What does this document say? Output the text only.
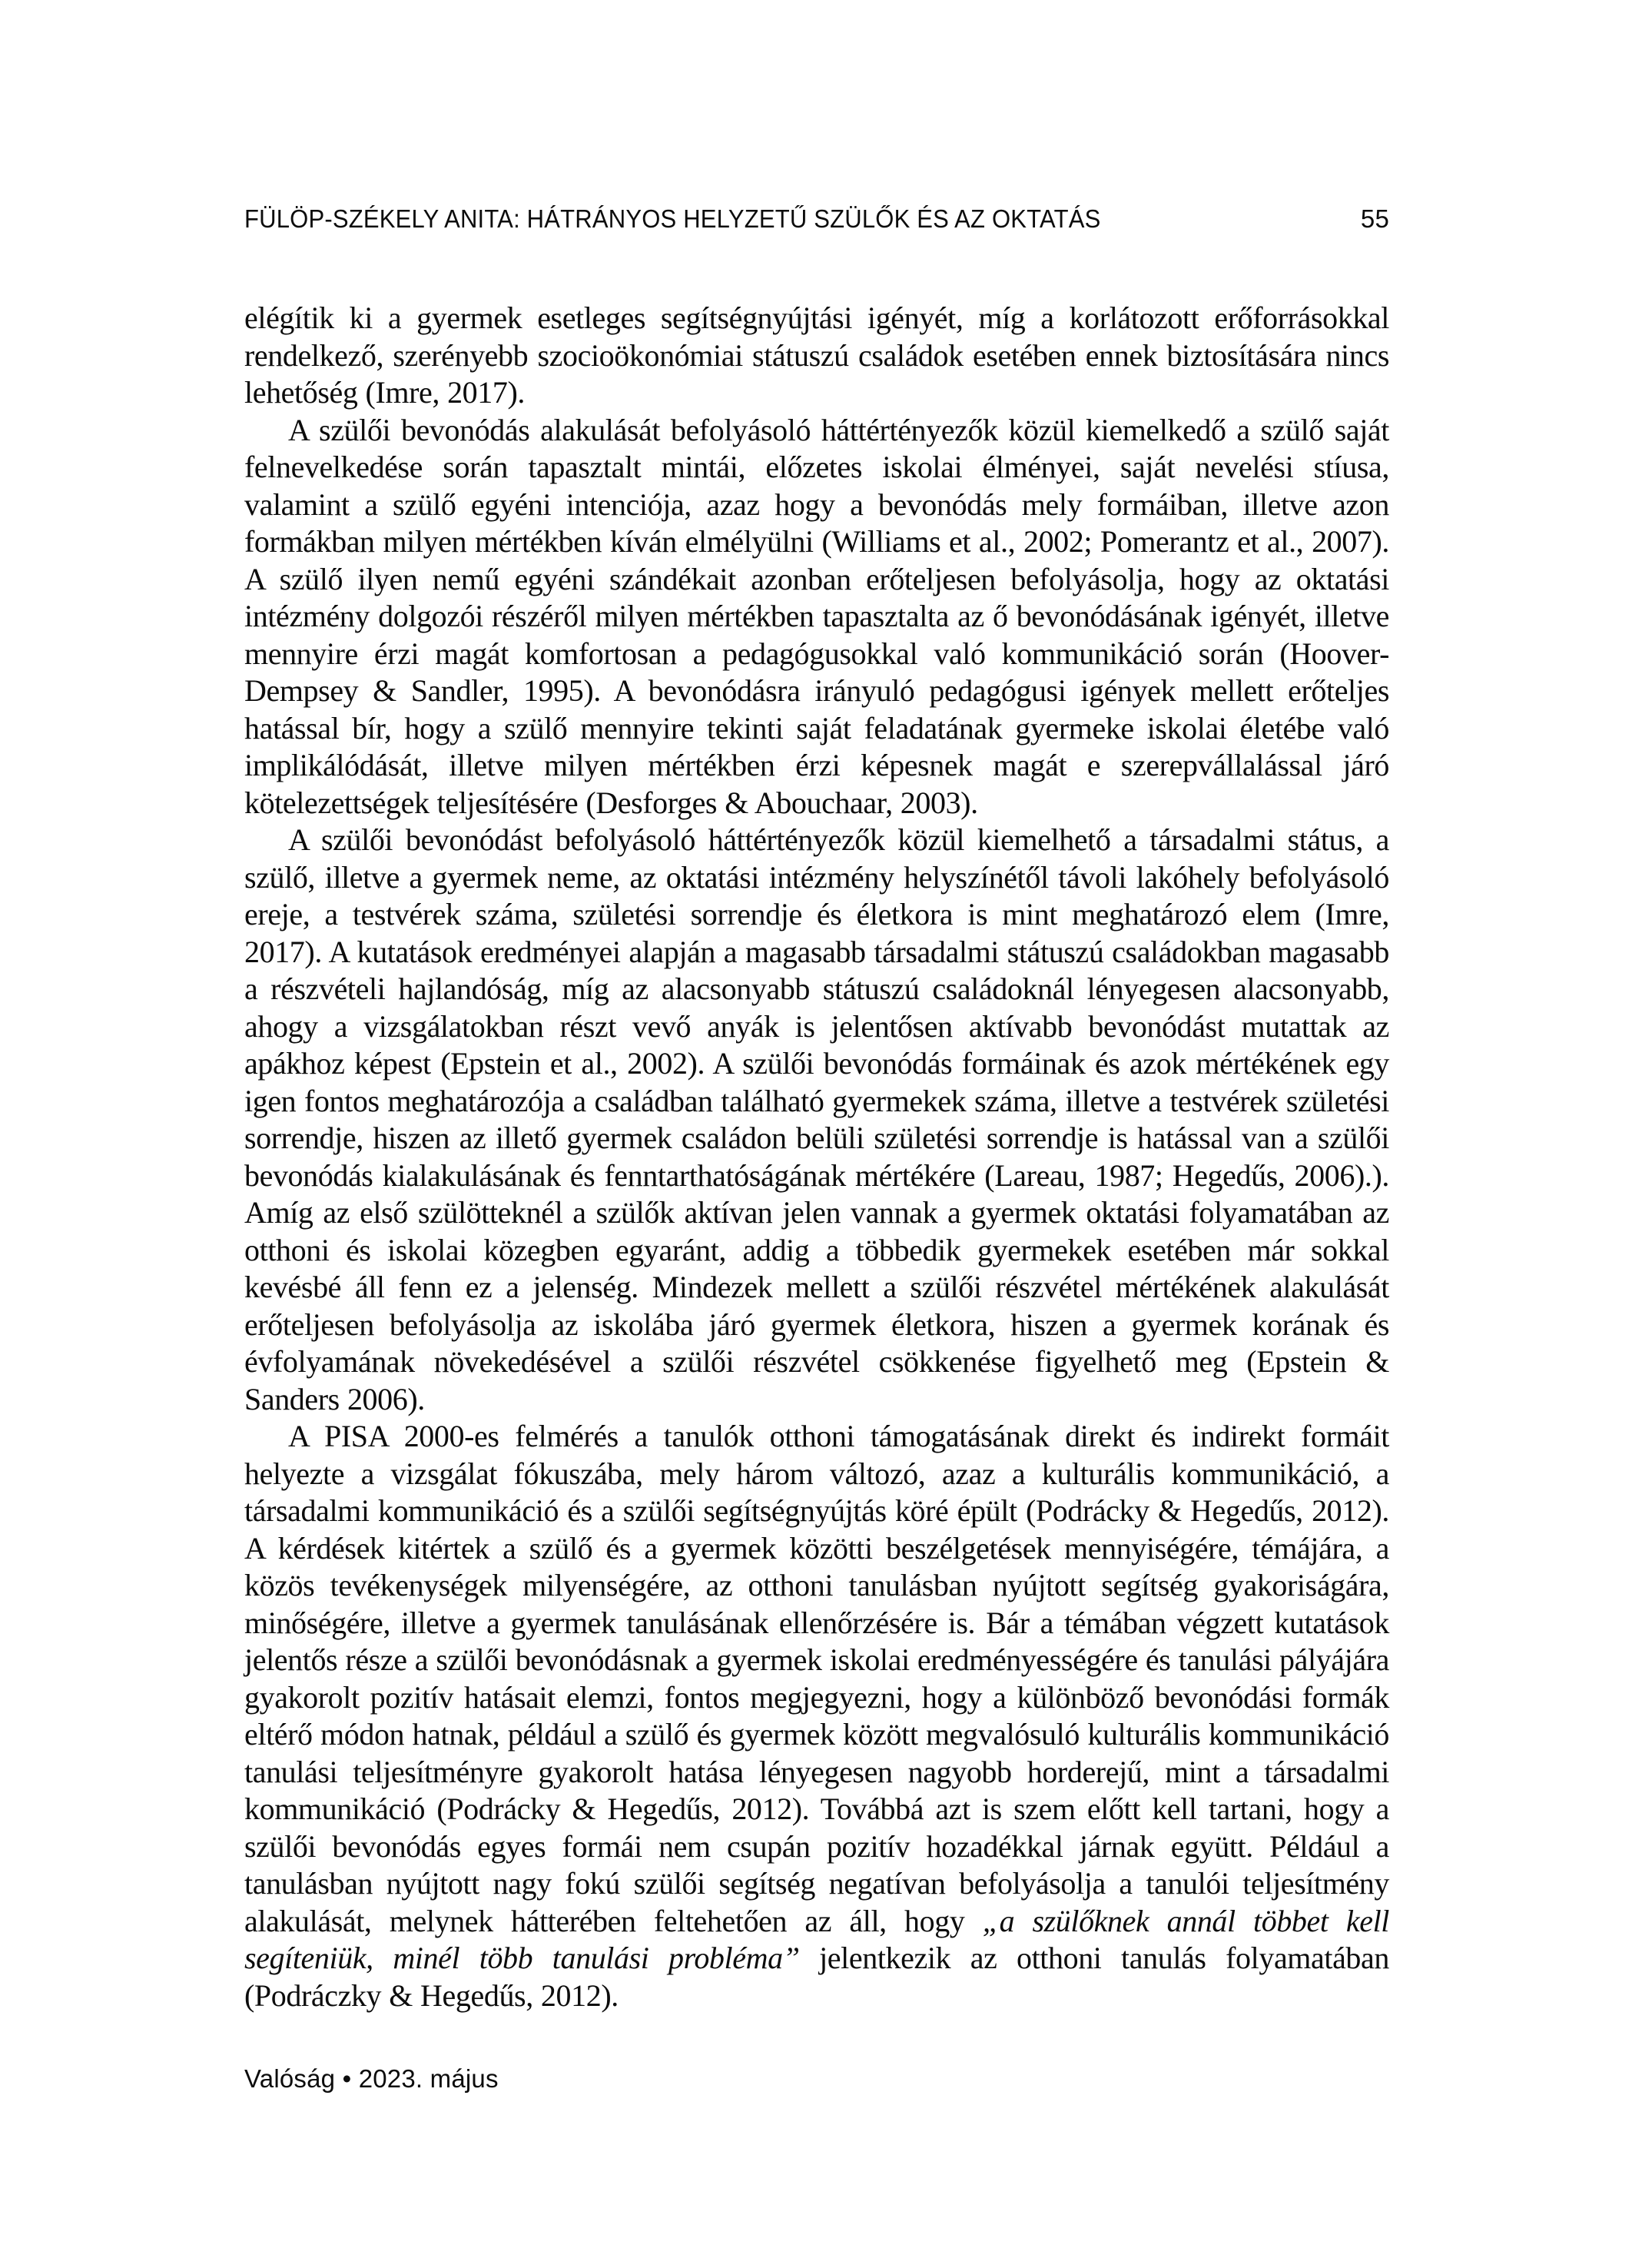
FÜLÖP-SZÉKELY ANITA: HÁTRÁNYOS HELYZETŰ SZÜLŐK ÉS AZ OKTATÁS	55

elégítik ki a gyermek esetleges segítségnyújtási igényét, míg a korlátozott erőforrásokkal rendelkező, szerényebb szocioökonómiai státuszú családok esetében ennek biztosítására nincs lehetőség (Imre, 2017).

A szülői bevonódás alakulását befolyásoló háttértényezők közül kiemelkedő a szülő saját felnevelkedése során tapasztalt mintái, előzetes iskolai élményei, saját nevelési stíusa, valamint a szülő egyéni intenciója, azaz hogy a bevonódás mely formáiban, illetve azon formákban milyen mértékben kíván elmélyülni (Williams et al., 2002; Pomerantz et al., 2007). A szülő ilyen nemű egyéni szándékait azonban erőteljesen befolyásolja, hogy az oktatási intézmény dolgozói részéről milyen mértékben tapasztalta az ő bevonódásának igényét, illetve mennyire érzi magát komfortosan a pedagógusokkal való kommunikáció során (Hoover-Dempsey & Sandler, 1995). A bevonódásra irányuló pedagógusi igények mellett erőteljes hatással bír, hogy a szülő mennyire tekinti saját feladatának gyermeke iskolai életébe való implikálódását, illetve milyen mértékben érzi képesnek magát e szerepvállalással járó kötelezettségek teljesítésére (Desforges & Abouchaar, 2003).

A szülői bevonódást befolyásoló háttértényezők közül kiemelhető a társadalmi státus, a szülő, illetve a gyermek neme, az oktatási intézmény helyszínétől távoli lakóhely befolyásoló ereje, a testvérek száma, születési sorrendje és életkora is mint meghatározó elem (Imre, 2017). A kutatások eredményei alapján a magasabb társadalmi státuszú családokban magasabb a részvételi hajlandóság, míg az alacsonyabb státuszú családoknál lényegesen alacsonyabb, ahogy a vizsgálatokban részt vevő anyák is jelentősen aktívabb bevonódást mutattak az apákhoz képest (Epstein et al., 2002). A szülői bevonódás formáinak és azok mértékének egy igen fontos meghatározója a családban található gyermekek száma, illetve a testvérek születési sorrendje, hiszen az illető gyermek családon belüli születési sorrendje is hatással van a szülői bevonódás kialakulásának és fenntarthatóságának mértékére (Lareau, 1987; Hegedűs, 2006).). Amíg az első szülötteknél a szülők aktívan jelen vannak a gyermek oktatási folyamatában az otthoni és iskolai közegben egyaránt, addig a többedik gyermekek esetében már sokkal kevésbé áll fenn ez a jelenség. Mindezek mellett a szülői részvétel mértékének alakulását erőteljesen befolyásolja az iskolába járó gyermek életkora, hiszen a gyermek korának és évfolyamának növekedésével a szülői részvétel csökkenése figyelhető meg (Epstein & Sanders 2006).

A PISA 2000-es felmérés a tanulók otthoni támogatásának direkt és indirekt formáit helyezte a vizsgálat fókuszába, mely három változó, azaz a kulturális kommunikáció, a társadalmi kommunikáció és a szülői segítségnyújtás köré épült (Podrácky & Hegedűs, 2012). A kérdések kitértek a szülő és a gyermek közötti beszélgetések mennyiségére, témájára, a közös tevékenységek milyenségére, az otthoni tanulásban nyújtott segítség gyakoriságára, minőségére, illetve a gyermek tanulásának ellenőrzésére is. Bár a témában végzett kutatások jelentős része a szülői bevonódásnak a gyermek iskolai eredményességére és tanulási pályájára gyakorolt pozitív hatásait elemzi, fontos megjegyezni, hogy a különböző bevonódási formák eltérő módon hatnak, például a szülő és gyermek között megvalósuló kulturális kommunikáció tanulási teljesítményre gyakorolt hatása lényegesen nagyobb horderejű, mint a társadalmi kommunikáció (Podrácky & Hegedűs, 2012). Továbbá azt is szem előtt kell tartani, hogy a szülői bevonódás egyes formái nem csupán pozitív hozadékkal járnak együtt. Például a tanulásban nyújtott nagy fokú szülői segítség negatívan befolyásolja a tanulói teljesítmény alakulását, melynek hátterében feltehetően az áll, hogy „a szülőknek annál többet kell segíteniük, minél több tanulási probléma” jelentkezik az otthoni tanulás folyamatában (Podráczky & Hegedűs, 2012).

Valóság • 2023. május
